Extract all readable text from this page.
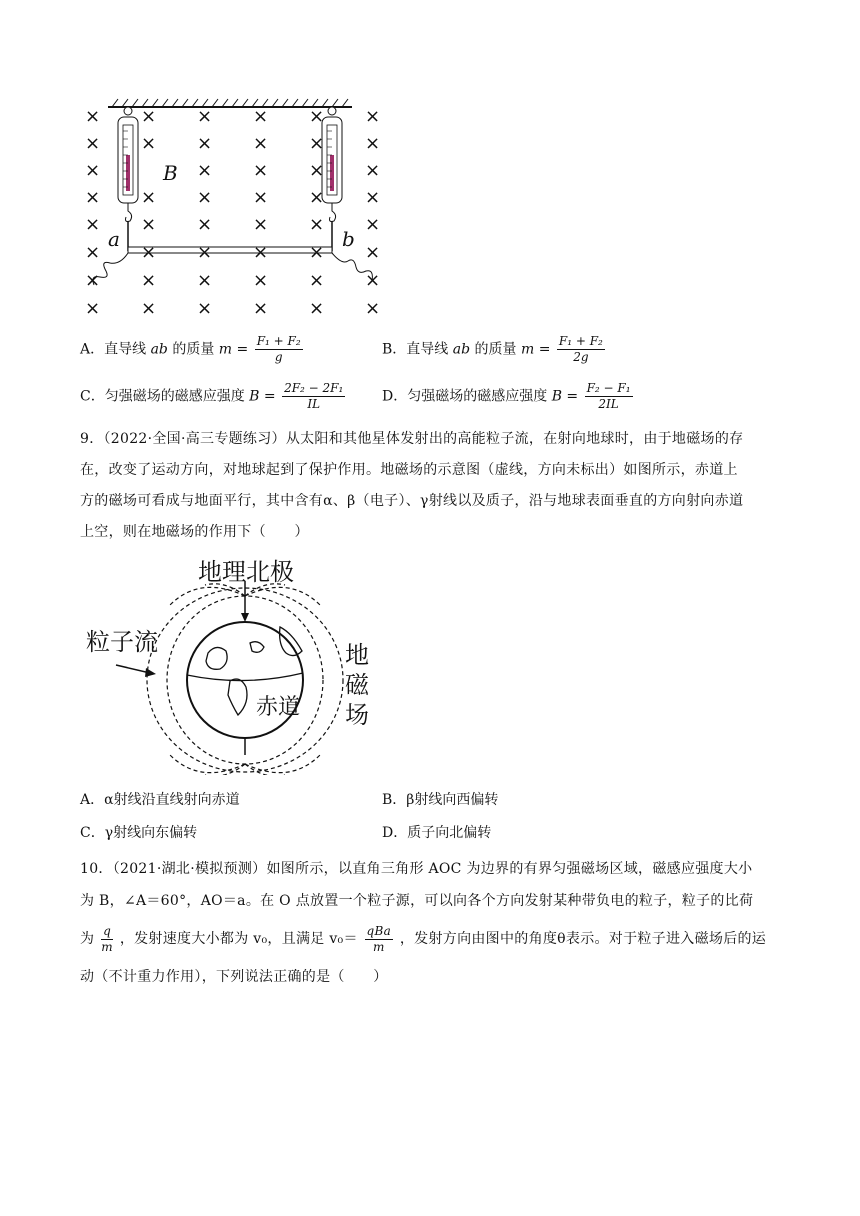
× × × × × ×
× × × × × ×
×	× × × ×
× × × × × ×
× × × × × ×
× × × × × ×
× × × × × ×
× × × × × ×
B
a	b
A．直导线 ab 的质量 $m = \frac{\text{F₁ + F₂}}{g}$	B．直导线 ab 的质量 $m = \frac{\text{F₁ + F₂}}{2g}$
C．匀强磁场的磁感应强度 $B = \frac{\text{2F₂ − 2F₁}}{IL}$	D．匀强磁场的磁感应强度 $B = \frac{\text{F₂ − F₁}}{2IL}$
9．（2022·全国·高三专题练习）从太阳和其他星体发射出的高能粒子流，在射向地球时，由于地磁场的存
在，改变了运动方向，对地球起到了保护作用。地磁场的示意图（虚线，方向未标出）如图所示，赤道上
方的磁场可看成与地面平行，其中含有α、β（电子）、γ射线以及质子，沿与地球表面垂直的方向射向赤道
上空，则在地磁场的作用下（　　）
地理北极
粒子流
赤道
地
磁
场
A．α射线沿直线射向赤道	B．β射线向西偏转
C．γ射线向东偏转	D．质子向北偏转
10．（2021·湖北·模拟预测）如图所示，以直角三角形 AOC 为边界的有界匀强磁场区域，磁感应强度大小
为 B，∠A＝60°，AO＝a。在 O 点放置一个粒子源，可以向各个方向发射某种带负电的粒子，粒子的比荷
为 $\frac{q}{m}$ ，发射速度大小都为 v₀，且满足 $v_0= \frac{\text{qBa}}{m}$ ，发射方向由图中的角度θ表示。对于粒子进入磁场后的运
动（不计重力作用），下列说法正确的是（　　）
